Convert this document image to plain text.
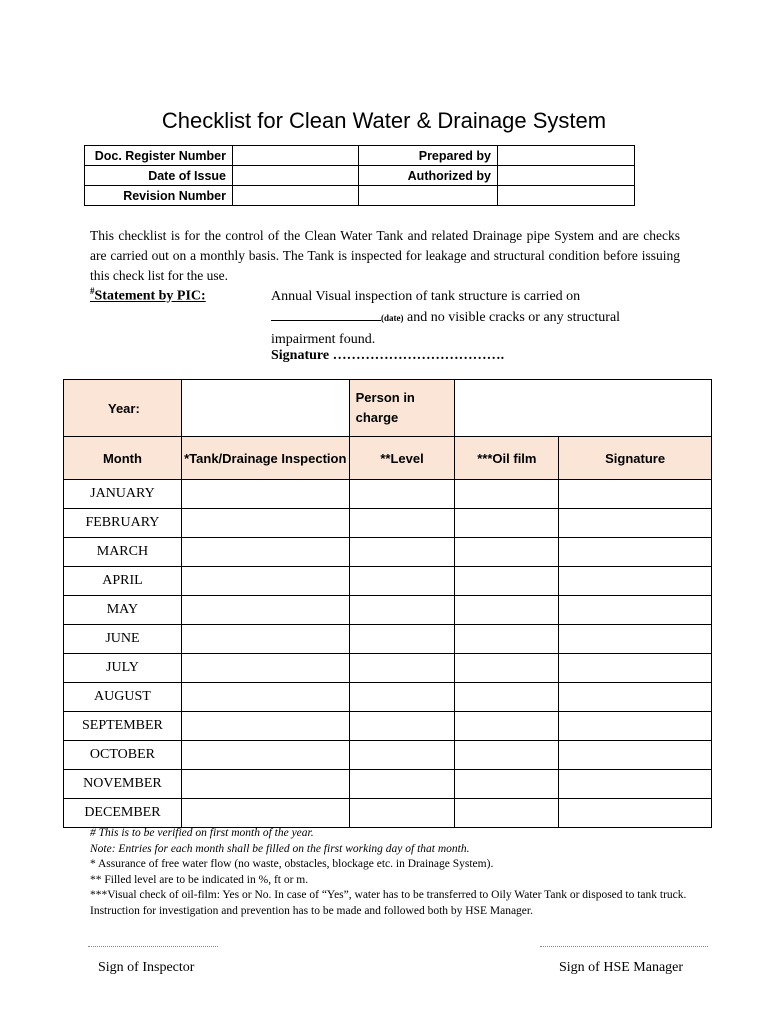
Checklist for Clean Water & Drainage System
Doc. Register Number		Prepared by	
Date of Issue		Authorized by	
Revision Number			
This checklist is for the control of the Clean Water Tank and related Drainage pipe System and are checks are carried out on a monthly basis. The Tank is inspected for leakage and structural condition before issuing this check list for the use.
#Statement by PIC:	Annual Visual inspection of tank structure is carried on
(date) and no visible cracks or any structural impairment found.
Signature ……………………………….
Year:		Person in charge		
Month	*Tank/Drainage Inspection	**Level	***Oil film	Signature
JANUARY				
FEBRUARY				
MARCH				
APRIL				
MAY				
JUNE				
JULY				
AUGUST				
SEPTEMBER				
OCTOBER				
NOVEMBER				
DECEMBER				
# This is to be verified on first month of the year.
Note: Entries for each month shall be filled on the first working day of that month.
* Assurance of free water flow (no waste, obstacles, blockage etc. in Drainage System).
** Filled level are to be indicated in %, ft or m.
***Visual check of oil-film: Yes or No. In case of “Yes”, water has to be transferred to Oily Water Tank or disposed to tank truck. Instruction for investigation and prevention has to be made and followed both by HSE Manager.
Sign of Inspector	Sign of HSE Manager
